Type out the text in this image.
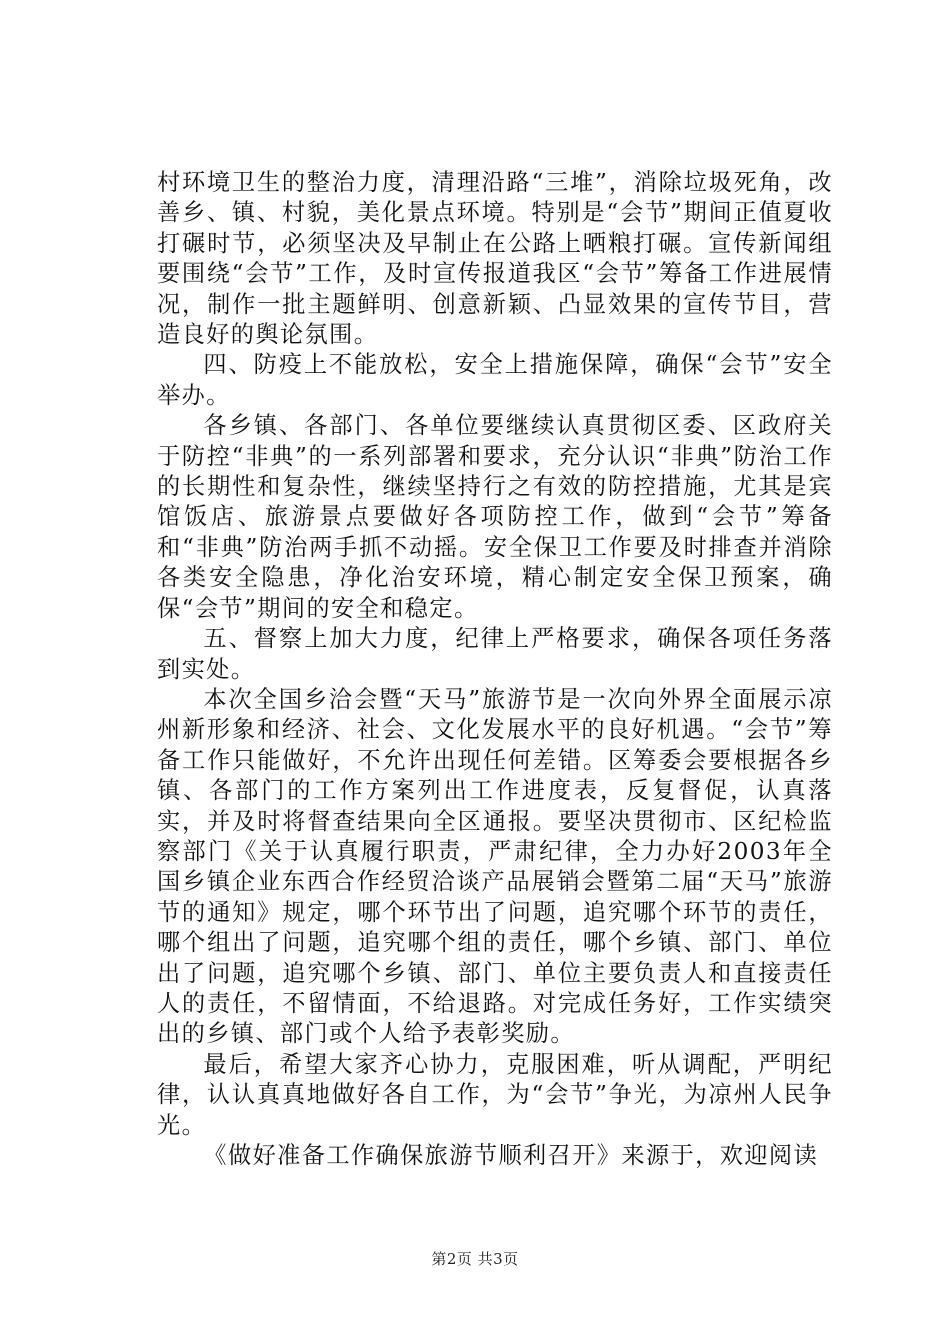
村环境卫生的整治力度，清理沿路“三堆”，消除垃圾死角，改善乡、镇、村貌，美化景点环境。特别是“会节”期间正值夏收打碾时节，必须坚决及早制止在公路上晒粮打碾。宣传新闻组要围绕“会节”工作，及时宣传报道我区“会节”筹备工作进展情况，制作一批主题鲜明、创意新颖、凸显效果的宣传节目，营造良好的舆论氛围。

四、防疫上不能放松，安全上措施保障，确保“会节”安全举办。

各乡镇、各部门、各单位要继续认真贯彻区委、区政府关于防控“非典”的一系列部署和要求，充分认识“非典”防治工作的长期性和复杂性，继续坚持行之有效的防控措施，尤其是宾馆饭店、旅游景点要做好各项防控工作，做到“会节”筹备和“非典”防治两手抓不动摇。安全保卫工作要及时排查并消除各类安全隐患，净化治安环境，精心制定安全保卫预案，确保“会节”期间的安全和稳定。

五、督察上加大力度，纪律上严格要求，确保各项任务落到实处。

本次全国乡洽会暨“天马”旅游节是一次向外界全面展示凉州新形象和经济、社会、文化发展水平的良好机遇。“会节”筹备工作只能做好，不允许出现任何差错。区筹委会要根据各乡镇、各部门的工作方案列出工作进度表，反复督促，认真落实，并及时将督查结果向全区通报。要坚决贯彻市、区纪检监察部门《关于认真履行职责，严肃纪律，全力办好2003年全国乡镇企业东西合作经贸洽谈产品展销会暨第二届“天马”旅游节的通知》规定，哪个环节出了问题，追究哪个环节的责任，哪个组出了问题，追究哪个组的责任，哪个乡镇、部门、单位出了问题，追究哪个乡镇、部门、单位主要负责人和直接责任人的责任，不留情面，不给退路。对完成任务好，工作实绩突出的乡镇、部门或个人给予表彰奖励。

最后，希望大家齐心协力，克服困难，听从调配，严明纪律，认认真真地做好各自工作，为“会节”争光，为凉州人民争光。

《做好准备工作确保旅游节顺利召开》来源于，欢迎阅读

第2页 共3页
